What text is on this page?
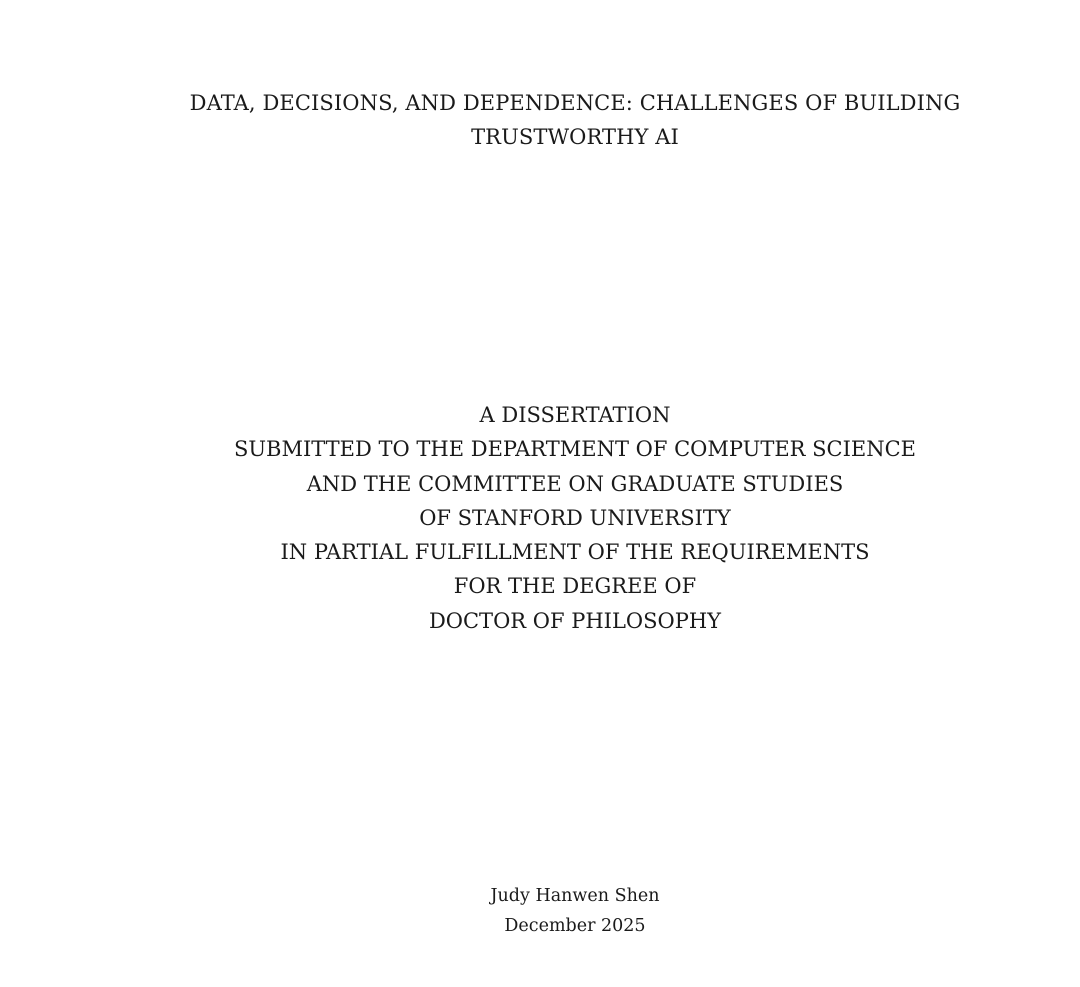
DATA, DECISIONS, AND DEPENDENCE: CHALLENGES OF BUILDING
TRUSTWORTHY AI
A DISSERTATION
SUBMITTED TO THE DEPARTMENT OF COMPUTER SCIENCE
AND THE COMMITTEE ON GRADUATE STUDIES
OF STANFORD UNIVERSITY
IN PARTIAL FULFILLMENT OF THE REQUIREMENTS
FOR THE DEGREE OF
DOCTOR OF PHILOSOPHY
Judy Hanwen Shen
December 2025
